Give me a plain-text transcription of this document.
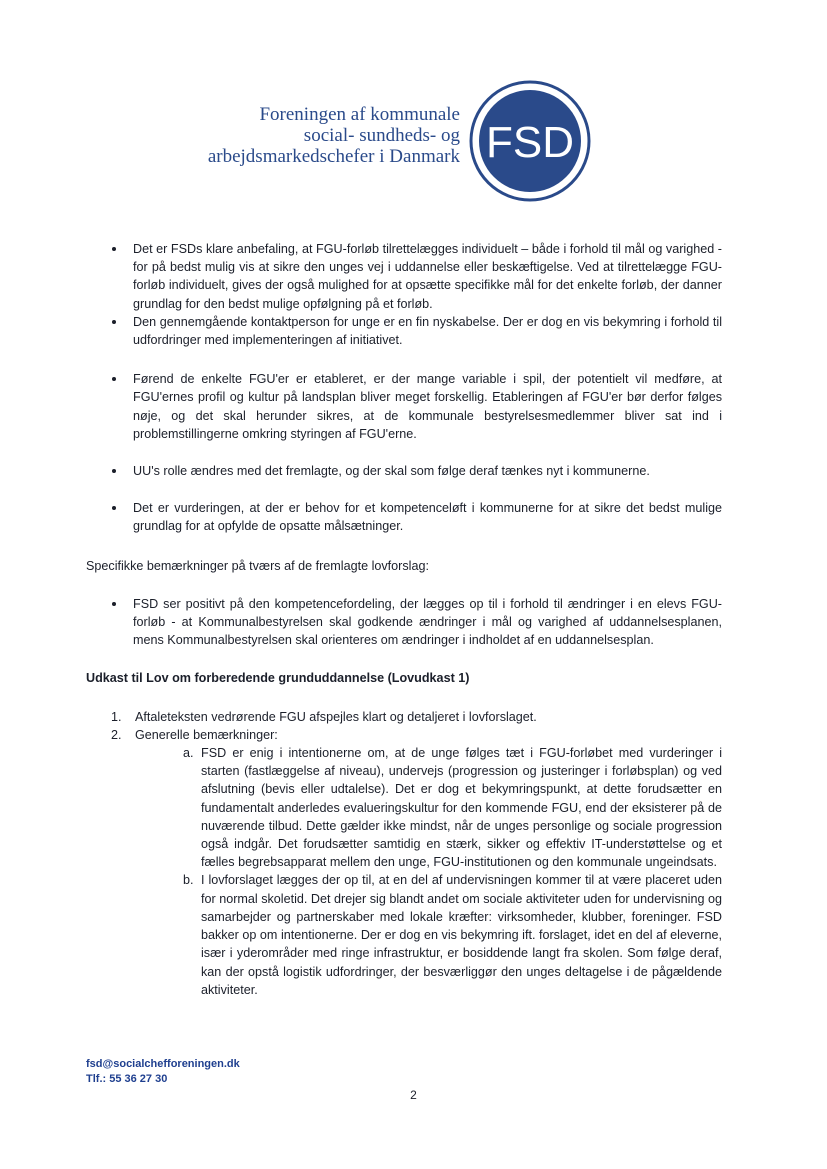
Foreningen af kommunale
social- sundheds- og
arbejdsmarkedschefer i Danmark FSD
Det er FSDs klare anbefaling, at FGU-forløb tilrettelægges individuelt – både i forhold til mål og varighed - for på bedst mulig vis at sikre den unges vej i uddannelse eller beskæftigelse. Ved at tilrettelægge FGU-forløb individuelt, gives der også mulighed for at opsætte specifikke mål for det enkelte forløb, der danner grundlag for den bedst mulige opfølgning på et forløb.
Den gennemgående kontaktperson for unge er en fin nyskabelse. Der er dog en vis bekymring i forhold til udfordringer med implementeringen af initiativet.
Førend de enkelte FGU'er er etableret, er der mange variable i spil, der potentielt vil medføre, at FGU'ernes profil og kultur på landsplan bliver meget forskellig. Etableringen af FGU'er bør derfor følges nøje, og det skal herunder sikres, at de kommunale bestyrelsesmedlemmer bliver sat ind i problemstillingerne omkring styringen af FGU'erne.
UU's rolle ændres med det fremlagte, og der skal som følge deraf tænkes nyt i kommunerne.
Det er vurderingen, at der er behov for et kompetenceløft i kommunerne for at sikre det bedst mulige grundlag for at opfylde de opsatte målsætninger.

Specifikke bemærkninger på tværs af de fremlagte lovforslag:

FSD ser positivt på den kompetencefordeling, der lægges op til i forhold til ændringer i en elevs FGU-forløb - at Kommunalbestyrelsen skal godkende ændringer i mål og varighed af uddannelsesplanen, mens Kommunalbestyrelsen skal orienteres om ændringer i indholdet af en uddannelsesplan.

Udkast til Lov om forberedende grunduddannelse (Lovudkast 1)

1. Aftaleteksten vedrørende FGU afspejles klart og detaljeret i lovforslaget.
2. Generelle bemærkninger:
a. FSD er enig i intentionerne om, at de unge følges tæt i FGU-forløbet med vurderinger i starten (fastlæggelse af niveau), undervejs (progression og justeringer i forløbsplan) og ved afslutning (bevis eller udtalelse). Det er dog et bekymringspunkt, at dette forudsætter en fundamentalt anderledes evalueringskultur for den kommende FGU, end der eksisterer på de nuværende tilbud. Dette gælder ikke mindst, når de unges personlige og sociale progression også indgår. Det forudsætter samtidig en stærk, sikker og effektiv IT-understøttelse og et fælles begrebsapparat mellem den unge, FGU-institutionen og den kommunale ungeindsats.
b. I lovforslaget lægges der op til, at en del af undervisningen kommer til at være placeret uden for normal skoletid. Det drejer sig blandt andet om sociale aktiviteter uden for undervisning og samarbejder og partnerskaber med lokale kræfter: virksomheder, klubber, foreninger. FSD bakker op om intentionerne. Der er dog en vis bekymring ift. forslaget, idet en del af eleverne, især i yderområder med ringe infrastruktur, er bosiddende langt fra skolen. Som følge deraf, kan der opstå logistik udfordringer, der besværliggør den unges deltagelse i de pågældende aktiviteter.
fsd@socialchefforeningen.dk
Tlf.: 55 36 27 30
2
